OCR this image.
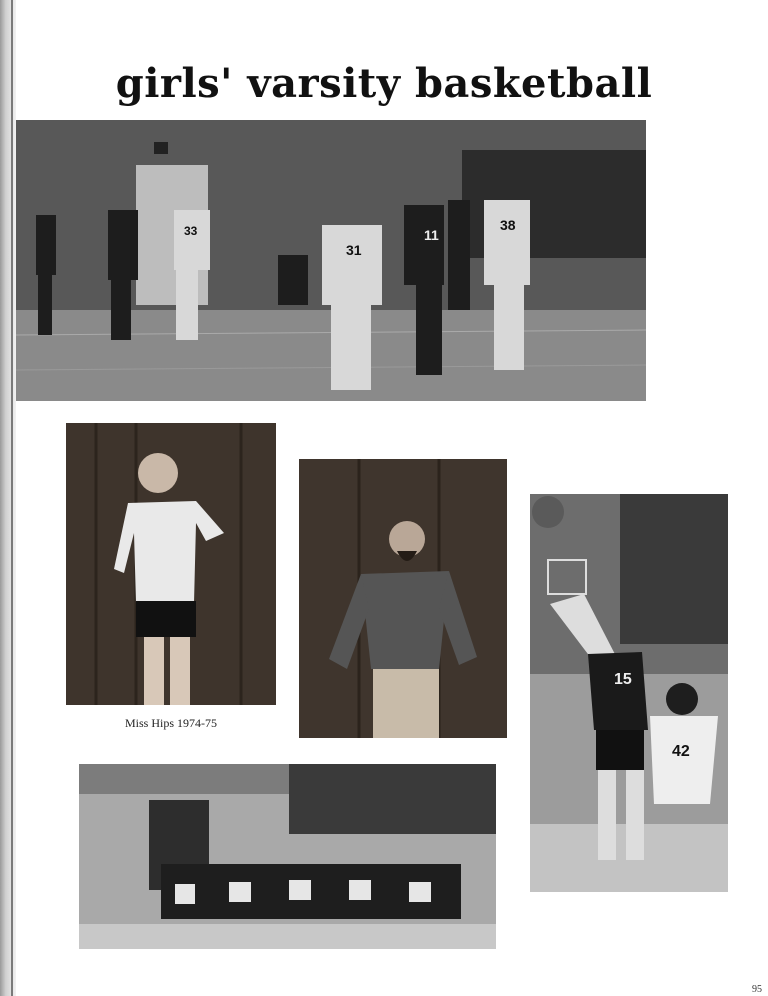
girls' varsity basketball
11
31
38
33
Miss Hips 1974-75
15
42
95
